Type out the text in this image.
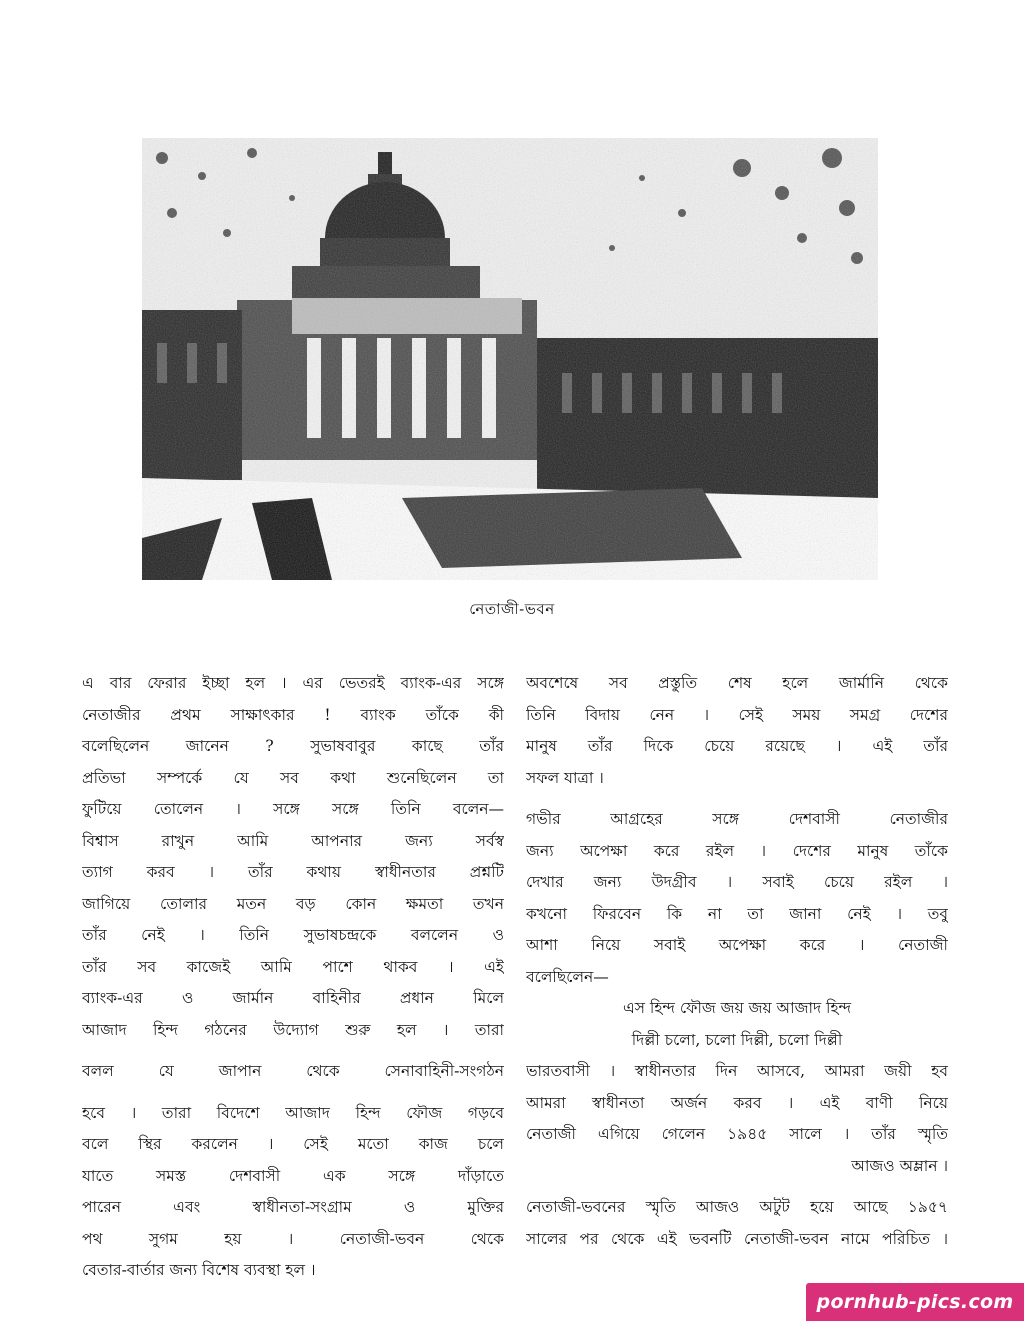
নেতাজী-ভবন
এ বার ফেরার ইচ্ছা হল । এর ভেতরই ব্যাংক-এর সঙ্গে
নেতাজীর প্রথম সাক্ষাৎকার ! ব্যাংক তাঁকে কী
বলেছিলেন জানেন ? সুভাষবাবুর কাছে তাঁর
প্রতিভা সম্পর্কে যে সব কথা শুনেছিলেন তা
ফুটিয়ে তোলেন । সঙ্গে সঙ্গে তিনি বলেন—
বিশ্বাস রাখুন আমি আপনার জন্য সর্বস্ব
ত্যাগ করব । তাঁর কথায় স্বাধীনতার প্রশ্নটি
জাগিয়ে তোলার মতন বড় কোন ক্ষমতা তখন
তাঁর নেই । তিনি সুভাষচন্দ্রকে বললেন ও
তাঁর সব কাজেই আমি পাশে থাকব । এই
ব্যাংক-এর ও জার্মান বাহিনীর প্রধান মিলে
আজাদ হিন্দ গঠনের উদ্যোগ শুরু হল । তারা
বলল যে জাপান থেকে সেনাবাহিনী-সংগঠন
হবে । তারা বিদেশে আজাদ হিন্দ ফৌজ গড়বে
বলে স্থির করলেন । সেই মতো কাজ চলে
যাতে সমস্ত দেশবাসী এক সঙ্গে দাঁড়াতে
পারেন এবং স্বাধীনতা-সংগ্রাম ও মুক্তির
পথ সুগম হয় । নেতাজী-ভবন থেকে
বেতার-বার্তার জন্য বিশেষ ব্যবস্থা হল ।
অবশেষে সব প্রস্তুতি শেষ হলে জার্মানি থেকে
তিনি বিদায় নেন । সেই সময় সমগ্র দেশের
মানুষ তাঁর দিকে চেয়ে রয়েছে । এই তাঁর
সফল যাত্রা ।
গভীর আগ্রহের সঙ্গে দেশবাসী নেতাজীর
জন্য অপেক্ষা করে রইল । দেশের মানুষ তাঁকে
দেখার জন্য উদগ্রীব । সবাই চেয়ে রইল ।
কখনো ফিরবেন কি না তা জানা নেই । তবু
আশা নিয়ে সবাই অপেক্ষা করে । নেতাজী
বলেছিলেন—
এস হিন্দ ফৌজ জয় জয় আজাদ হিন্দ
দিল্লী চলো, চলো দিল্লী, চলো দিল্লী
ভারতবাসী । স্বাধীনতার দিন আসবে, আমরা জয়ী হব
আমরা স্বাধীনতা অর্জন করব । এই বাণী নিয়ে
নেতাজী এগিয়ে গেলেন ১৯৪৫ সালে । তাঁর স্মৃতি
আজও অম্লান ।
নেতাজী-ভবনের স্মৃতি আজও অটুট হয়ে আছে ১৯৫৭
সালের পর থেকে এই ভবনটি নেতাজী-ভবন নামে পরিচিত ।
pornhub-pics.com
